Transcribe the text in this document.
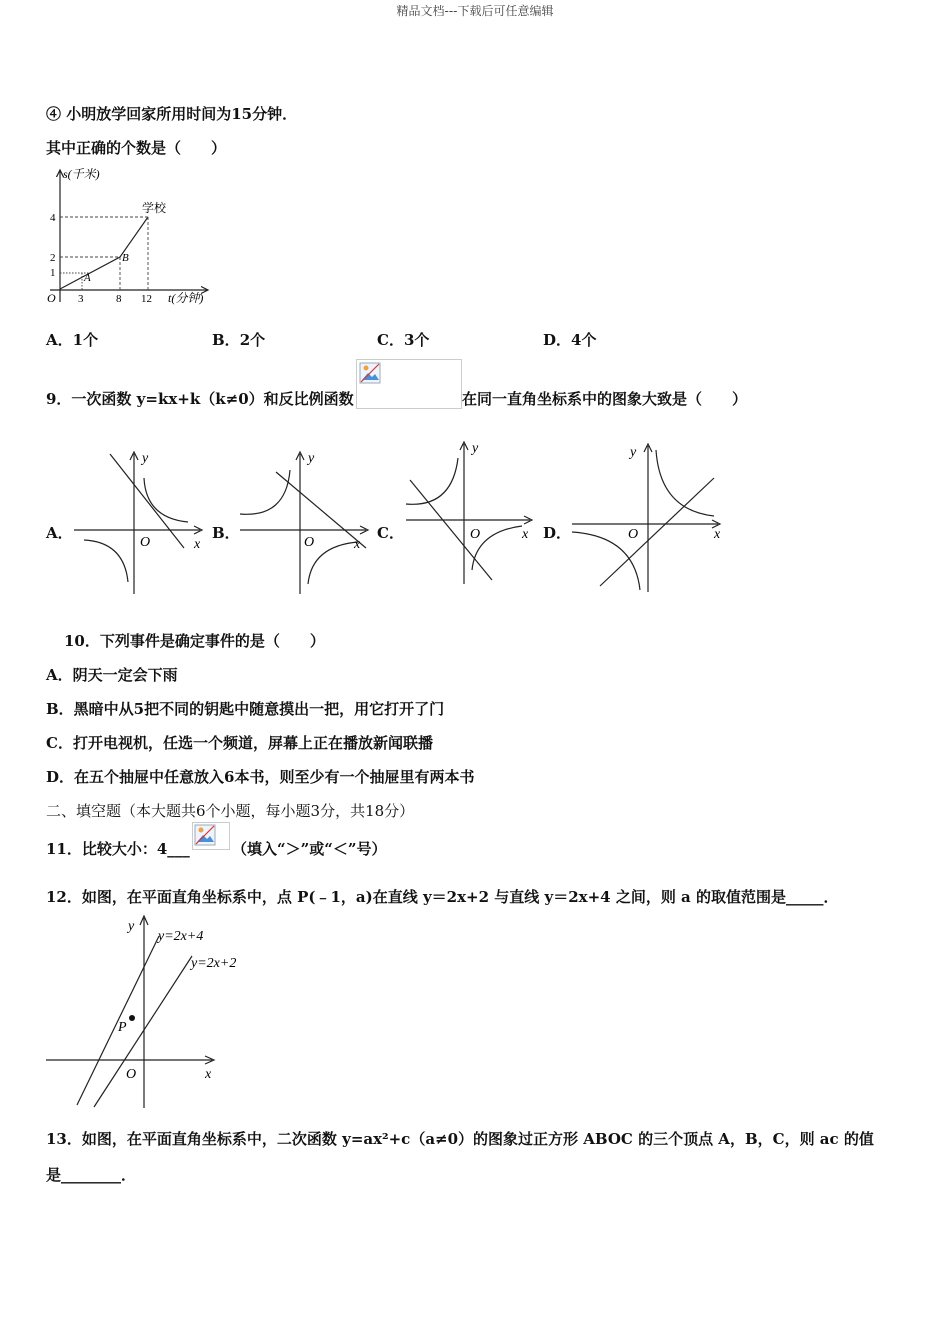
精品文档---下载后可任意编辑
④ 小明放学回家所用时间为15分钟．
其中正确的个数是（　　）
s(千米)
t(分钟)
学校
O
A
B
4
2
1
3	8 12
A．1个	B．2个	C．3个	D．4个
9．一次函数 y=kx+k（k≠0）和反比例函数	在同一直角坐标系中的图象大致是（　　）
A．	B．	C．	D．
O	x
y
O	x
y
O	x
y
O	x
y
10．下列事件是确定事件的是（　　）
A．阴天一定会下雨
B．黑暗中从5把不同的钥匙中随意摸出一把，用它打开了门
C．打开电视机，任选一个频道，屏幕上正在播放新闻联播
D．在五个抽屉中任意放入6本书，则至少有一个抽屉里有两本书
二、填空题（本大题共6个小题，每小题3分，共18分）
11．比较大小：4___	（填入“＞”或“＜”号）
12．如图，在平面直角坐标系中，点 P(﹣1，a)在直线 y＝2x+2 与直线 y＝2x+4 之间，则 a 的取值范围是_____．
y=2x+4
y=2x+2
P
O	x
y
13．如图，在平面直角坐标系中，二次函数 y=ax²+c（a≠0）的图象过正方形 ABOC 的三个顶点 A，B，C，则 ac 的值
是________．
